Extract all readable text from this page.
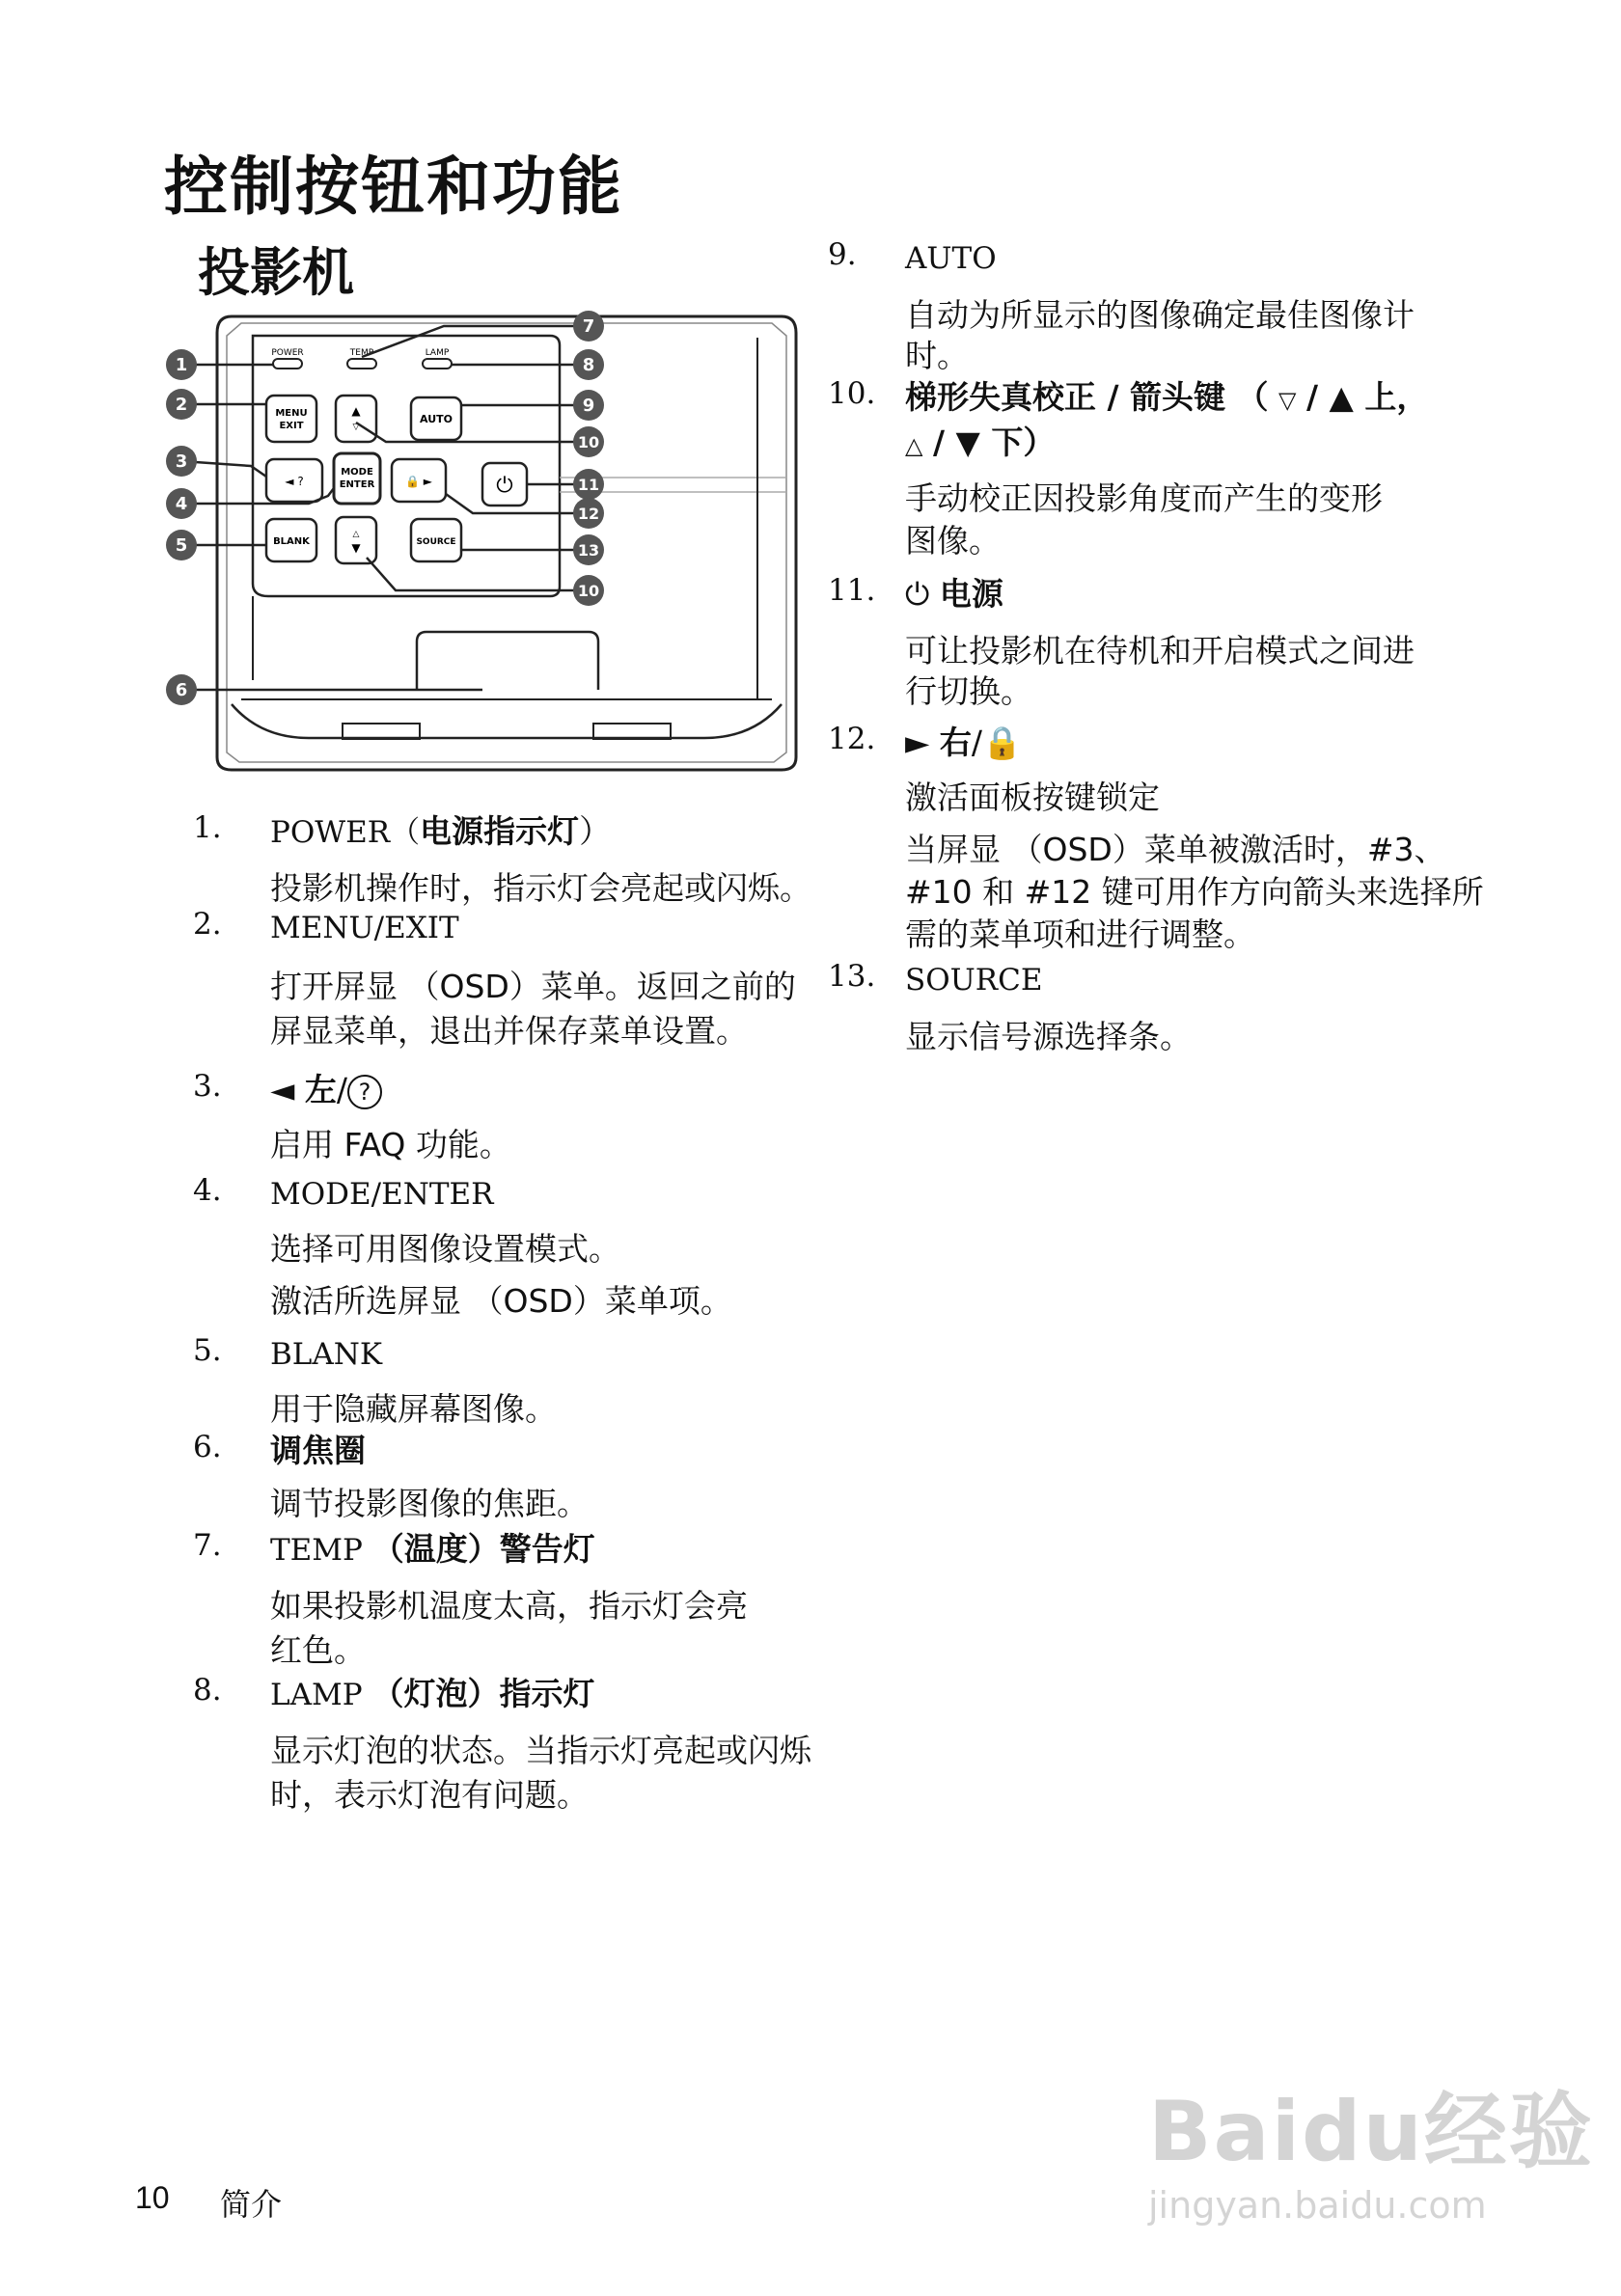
控制按钮和功能
投影机
POWER	TEMP	LAMP
MENU
EXIT
▲
▽
AUTO
◄ ?
MODE
ENTER	🔒 ►	⏻
BLANK
△
▼	SOURCE
1
2
3
4
5
6
7
8
9
10
11
12
13
10
1. POWER（电源指示灯）
投影机操作时，指示灯会亮起或闪烁。
2. MENU/EXIT
打开屏显 （OSD）菜单。返回之前的
屏显菜单，退出并保存菜单设置。
3. ◄ 左/ ?
启用 FAQ 功能。
4. MODE/ENTER
选择可用图像设置模式。
激活所选屏显 （OSD）菜单项。
5. BLANK
用于隐藏屏幕图像。
6. 调焦圈
调节投影图像的焦距。
7. TEMP （温度）警告灯
如果投影机温度太高，指示灯会亮
红色。
8. LAMP （灯泡）指示灯
显示灯泡的状态。当指示灯亮起或闪烁
时，表示灯泡有问题。
9. AUTO
自动为所显示的图像确定最佳图像计
时。
10. 梯形失真校正 / 箭头键 （ ▽ / ▲ 上，
△ / ▼ 下）
手动校正因投影角度而产生的变形
图像。
11. ⏻ 电源
可让投影机在待机和开启模式之间进
行切换。
12. ► 右/🔒
激活面板按键锁定
当屏显 （OSD）菜单被激活时，#3、
#10 和 #12 键可用作方向箭头来选择所
需的菜单项和进行调整。
13. SOURCE
显示信号源选择条。
10 简介
Baidu经验
jingyan.baidu.com
